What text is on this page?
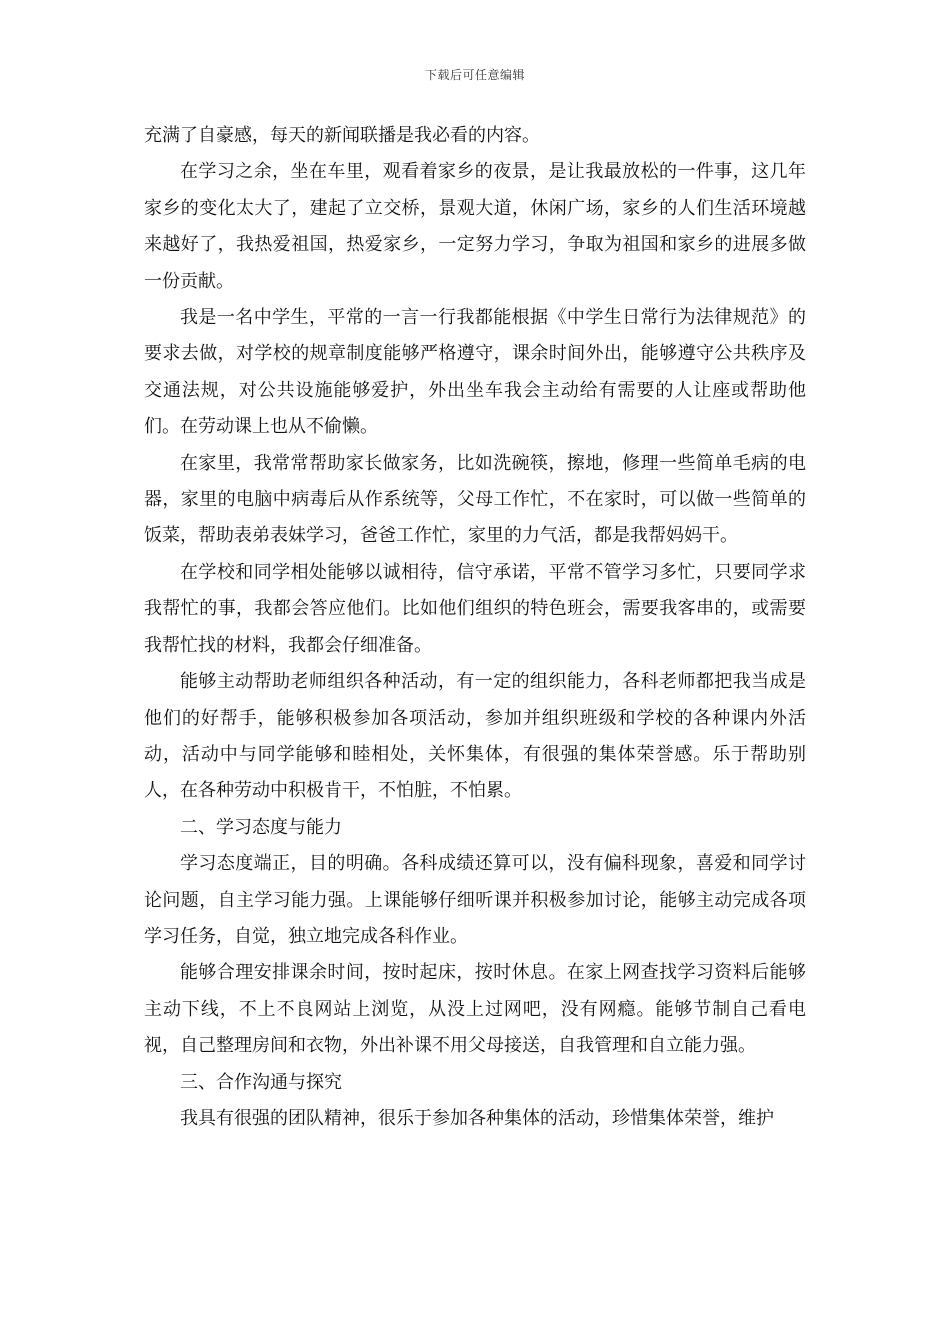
下载后可任意编辑

充满了自豪感，每天的新闻联播是我必看的内容。

在学习之余，坐在车里，观看着家乡的夜景，是让我最放松的一件事，这几年家乡的变化太大了，建起了立交桥，景观大道，休闲广场，家乡的人们生活环境越来越好了，我热爱祖国，热爱家乡，一定努力学习，争取为祖国和家乡的进展多做一份贡献。

我是一名中学生，平常的一言一行我都能根据《中学生日常行为法律规范》的要求去做，对学校的规章制度能够严格遵守，课余时间外出，能够遵守公共秩序及交通法规，对公共设施能够爱护，外出坐车我会主动给有需要的人让座或帮助他们。在劳动课上也从不偷懒。

在家里，我常常帮助家长做家务，比如洗碗筷，擦地，修理一些简单毛病的电器，家里的电脑中病毒后从作系统等，父母工作忙，不在家时，可以做一些简单的饭菜，帮助表弟表妹学习，爸爸工作忙，家里的力气活，都是我帮妈妈干。

在学校和同学相处能够以诚相待，信守承诺，平常不管学习多忙，只要同学求我帮忙的事，我都会答应他们。比如他们组织的特色班会，需要我客串的，或需要我帮忙找的材料，我都会仔细准备。

能够主动帮助老师组织各种活动，有一定的组织能力，各科老师都把我当成是他们的好帮手，能够积极参加各项活动，参加并组织班级和学校的各种课内外活动，活动中与同学能够和睦相处，关怀集体，有很强的集体荣誉感。乐于帮助别人，在各种劳动中积极肯干，不怕脏，不怕累。

二、学习态度与能力

学习态度端正，目的明确。各科成绩还算可以，没有偏科现象，喜爱和同学讨论问题，自主学习能力强。上课能够仔细听课并积极参加讨论，能够主动完成各项学习任务，自觉，独立地完成各科作业。

能够合理安排课余时间，按时起床，按时休息。在家上网查找学习资料后能够主动下线，不上不良网站上浏览，从没上过网吧，没有网瘾。能够节制自己看电视，自己整理房间和衣物，外出补课不用父母接送，自我管理和自立能力强。

三、合作沟通与探究

我具有很强的团队精神，很乐于参加各种集体的活动，珍惜集体荣誉，维护
